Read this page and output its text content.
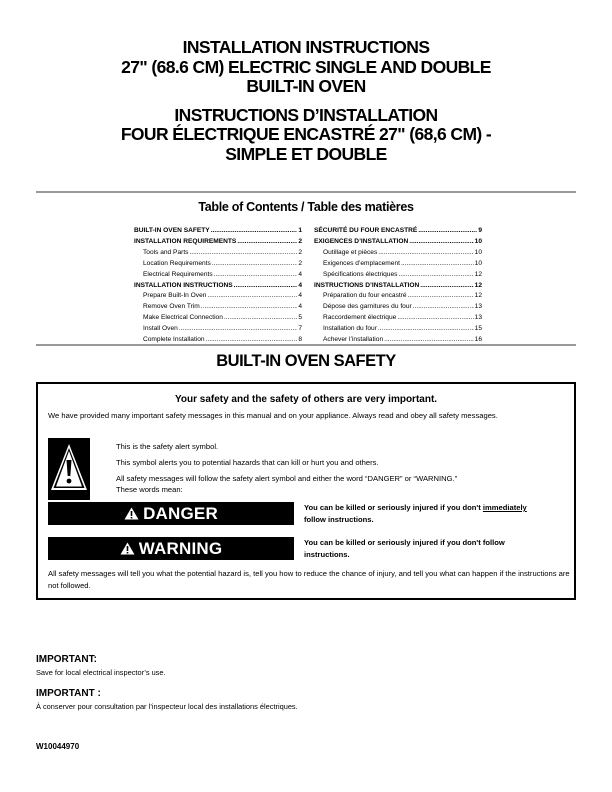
INSTALLATION INSTRUCTIONS
27" (68.6 CM) ELECTRIC SINGLE AND DOUBLE
BUILT-IN OVEN
INSTRUCTIONS D’INSTALLATION
FOUR ÉLECTRIQUE ENCASTRÉ 27" (68,6 CM) -
SIMPLE ET DOUBLE
Table of Contents / Table des matières
BUILT-IN OVEN SAFETY .....	1
INSTALLATION REQUIREMENTS .....	2
Tools and Parts .....	2
Location Requirements .....	2
Electrical Requirements .....	4
INSTALLATION INSTRUCTIONS .....	4
Prepare Built-In Oven .....	4
Remove Oven Trim .....	4
Make Electrical Connection .....	5
Install Oven .....	7
Complete Installation .....	8
SÉCURITÉ DU FOUR ENCASTRÉ .....	9
EXIGENCES D’INSTALLATION .....	10
Outillage et pièces .....	10
Exigences d’emplacement .....	10
Spécifications électriques .....	12
INSTRUCTIONS D’INSTALLATION .....	12
Préparation du four encastré .....	12
Dépose des garnitures du four .....	13
Raccordement électrique .....	13
Installation du four .....	15
Achever l’installation .....	16
BUILT-IN OVEN SAFETY
Your safety and the safety of others are very important.
We have provided many important safety messages in this manual and on your appliance. Always read and obey all safety messages.
This is the safety alert symbol.
This symbol alerts you to potential hazards that can kill or hurt you and others.
All safety messages will follow the safety alert symbol and either the word “DANGER” or “WARNING.”
These words mean:
DANGER	You can be killed or seriously injured if you don't immediately
follow instructions.
WARNING	You can be killed or seriously injured if you don't follow
instructions.
All safety messages will tell you what the potential hazard is, tell you how to reduce the chance of injury, and tell you what can happen if the instructions are not followed.
IMPORTANT:
Save for local electrical inspector’s use.
IMPORTANT :
À conserver pour consultation par l’inspecteur local des installations électriques.
W10044970
